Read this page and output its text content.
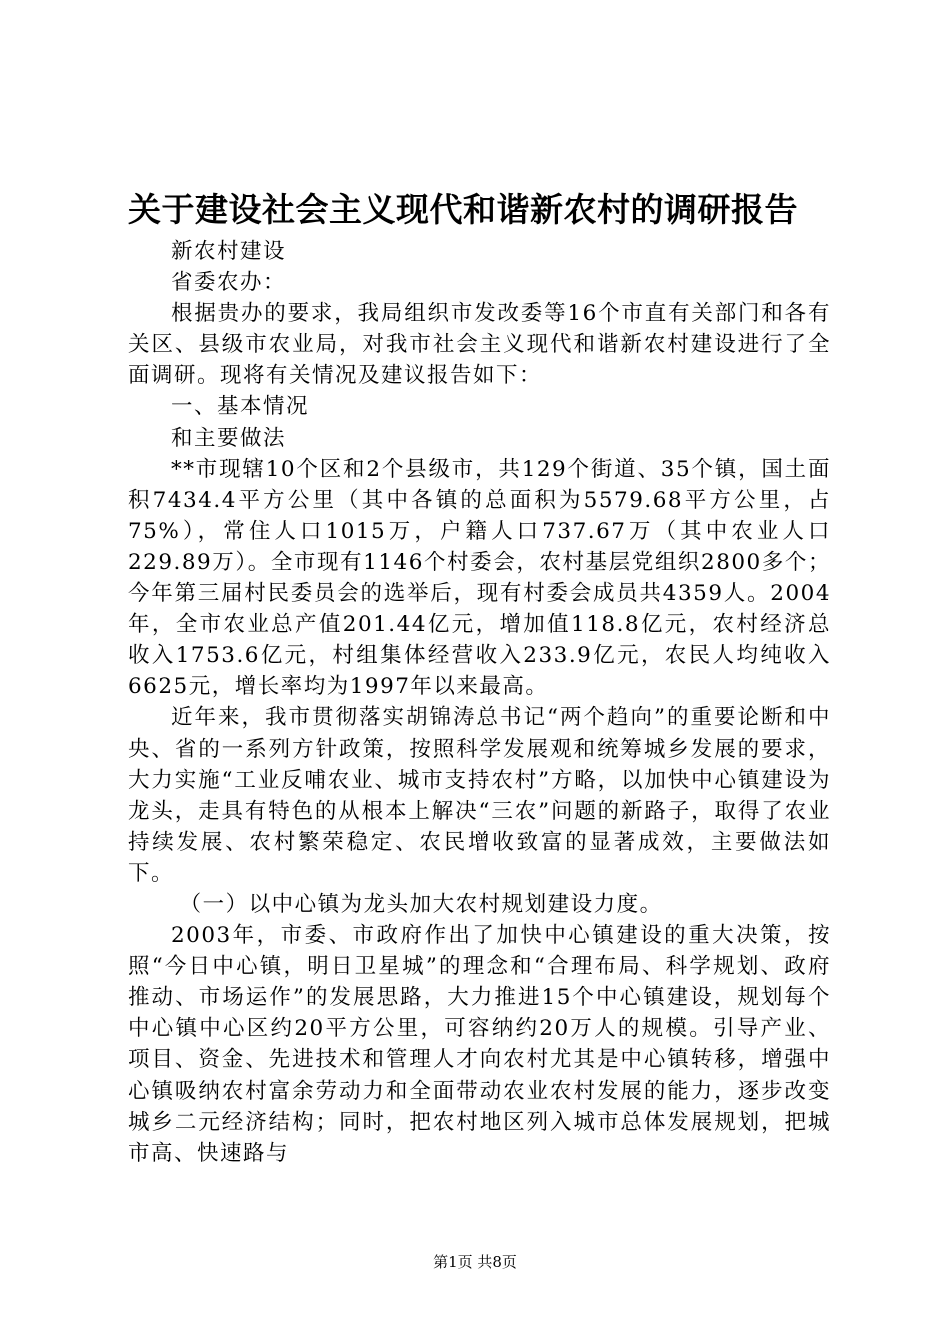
关于建设社会主义现代和谐新农村的调研报告

新农村建设

省委农办：

根据贵办的要求，我局组织市发改委等16个市直有关部门和各有关区、县级市农业局，对我市社会主义现代和谐新农村建设进行了全面调研。现将有关情况及建议报告如下：

一、基本情况

和主要做法

**市现辖10个区和2个县级市，共129个街道、35个镇，国土面积7434.4平方公里（其中各镇的总面积为5579.68平方公里，占75%），常住人口1015万，户籍人口737.67万（其中农业人口229.89万）。全市现有1146个村委会，农村基层党组织2800多个；今年第三届村民委员会的选举后，现有村委会成员共4359人。2004年，全市农业总产值201.44亿元，增加值118.8亿元，农村经济总收入1753.6亿元，村组集体经营收入233.9亿元，农民人均纯收入6625元，增长率均为1997年以来最高。

近年来，我市贯彻落实胡锦涛总书记“两个趋向”的重要论断和中央、省的一系列方针政策，按照科学发展观和统筹城乡发展的要求，大力实施“工业反哺农业、城市支持农村”方略，以加快中心镇建设为龙头，走具有特色的从根本上解决“三农”问题的新路子，取得了农业持续发展、农村繁荣稳定、农民增收致富的显著成效，主要做法如下。

（一）以中心镇为龙头加大农村规划建设力度。

2003年，市委、市政府作出了加快中心镇建设的重大决策，按照“今日中心镇，明日卫星城”的理念和“合理布局、科学规划、政府推动、市场运作”的发展思路，大力推进15个中心镇建设，规划每个中心镇中心区约20平方公里，可容纳约20万人的规模。引导产业、项目、资金、先进技术和管理人才向农村尤其是中心镇转移，增强中心镇吸纳农村富余劳动力和全面带动农业农村发展的能力，逐步改变城乡二元经济结构；同时，把农村地区列入城市总体发展规划，把城市高、快速路与

第1页 共8页
